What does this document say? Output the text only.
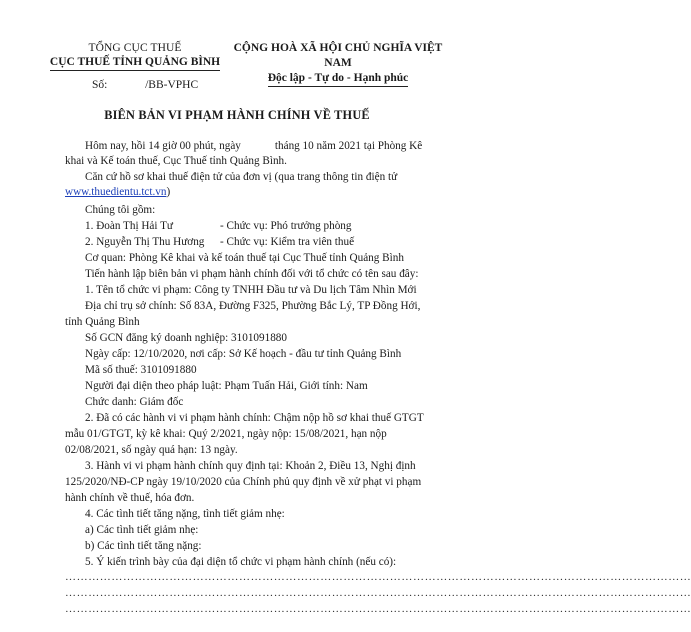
TỔNG CỤC THUẾ
CỤC THUẾ TỈNH QUẢNG BÌNH
CỘNG HOÀ XÃ HỘI CHỦ NGHĨA VIỆT NAM
Độc lập - Tự do - Hạnh phúc
Số:	/BB-VPHC
BIÊN BẢN VI PHẠM HÀNH CHÍNH VỀ THUẾ
Hôm nay, hồi 14 giờ 00 phút, ngày	tháng 10 năm 2021 tại Phòng Kê
khai và Kế toán thuế, Cục Thuế tỉnh Quảng Bình.
Căn cứ hồ sơ khai thuế điện tử của đơn vị (qua trang thông tin điện tử
www.thuedientu.tct.vn)
Chúng tôi gồm:
1. Đoàn Thị Hải Tư	- Chức vụ: Phó trưởng phòng
2. Nguyễn Thị Thu Hương - Chức vụ: Kiểm tra viên thuế
Cơ quan: Phòng Kê khai và kế toán thuế tại Cục Thuế tỉnh Quảng Bình
Tiến hành lập biên bản vi phạm hành chính đối với tổ chức có tên sau đây:
1. Tên tổ chức vi phạm: Công ty TNHH Đầu tư và Du lịch Tâm Nhìn Mới
Địa chỉ trụ sở chính: Số 83A, Đường F325, Phường Bắc Lý, TP Đồng Hới,
tỉnh Quảng Bình
Số GCN đăng ký doanh nghiệp: 3101091880
Ngày cấp: 12/10/2020, nơi cấp: Sở Kế hoạch - đầu tư tỉnh Quảng Bình
Mã số thuế: 3101091880
Người đại diện theo pháp luật: Phạm Tuấn Hải, Giới tính: Nam
Chức danh: Giám đốc
2. Đã có các hành vi vi phạm hành chính: Chậm nộp hồ sơ khai thuế GTGT
mẫu 01/GTGT, kỳ kê khai: Quý 2/2021, ngày nộp: 15/08/2021, hạn nộp
02/08/2021, số ngày quá hạn: 13 ngày.
3. Hành vi vi phạm hành chính quy định tại: Khoản 2, Điều 13, Nghị định
125/2020/NĐ-CP ngày 19/10/2020 của Chính phủ quy định về xử phạt vi phạm
hành chính về thuế, hóa đơn.
4. Các tình tiết tăng nặng, tình tiết giảm nhẹ:
a) Các tình tiết giảm nhẹ:
b) Các tình tiết tăng nặng:
5. Ý kiến trình bày của đại diện tổ chức vi phạm hành chính (nếu có):
………………………………………………………………………………………………………………………………………………
………………………………………………………………………………………………………………………………………………
………………………………………………………………………………………………………………………………………………
